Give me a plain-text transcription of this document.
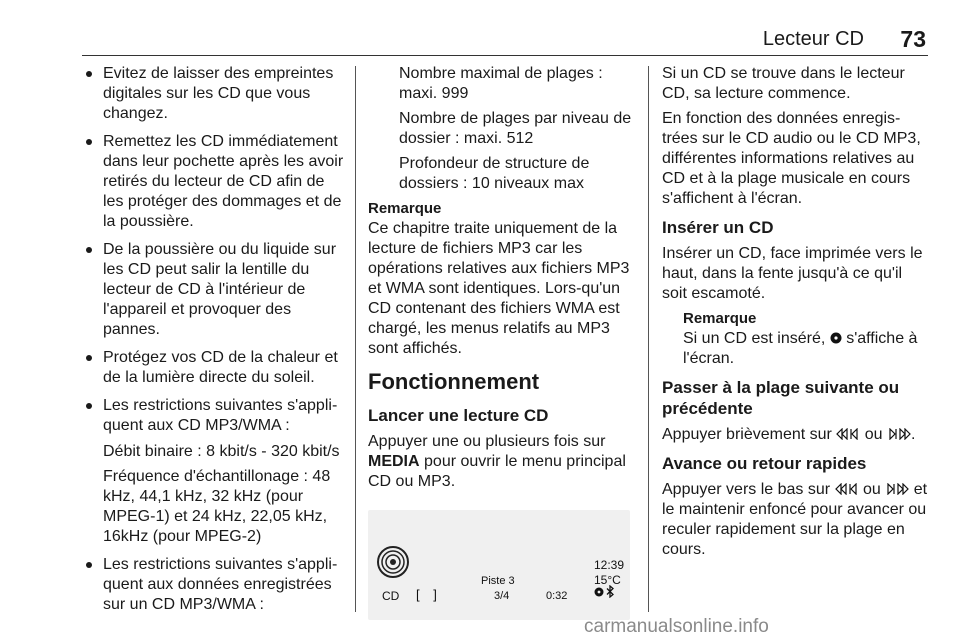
Lecteur CD 73
Evitez de laisser des empreintes digitales sur les CD que vous changez.
Remettez les CD immédiatement dans leur pochette après les avoir retirés du lecteur de CD afin de les protéger des dommages et de la poussière.
De la poussière ou du liquide sur les CD peut salir la lentille du lecteur de CD à l'intérieur de l'appareil et provoquer des pannes.
Protégez vos CD de la chaleur et de la lumière directe du soleil.
Les restrictions suivantes s'appli-quent aux CD MP3/WMA :

Débit binaire : 8 kbit/s - 320 kbit/s

Fréquence d'échantillonage : 48 kHz, 44,1 kHz, 32 kHz (pour MPEG-1) et 24 kHz, 22,05 kHz, 16kHz (pour MPEG-2)

Les restrictions suivantes s'appli-quent aux données enregistrées sur un CD MP3/WMA :

Nombre maximal de plages : maxi. 999

Nombre de plages par niveau de dossier : maxi. 512

Profondeur de structure de dossiers : 10 niveaux max

Remarque

Ce chapitre traite uniquement de la lecture de fichiers MP3 car les opérations relatives aux fichiers MP3 et WMA sont identiques. Lors-qu'un CD contenant des fichiers WMA est chargé, les menus relatifs au MP3 sont affichés.

Fonctionnement
Lancer une lecture CD

Appuyer une ou plusieurs fois sur
MEDIA pour ouvrir le menu principal CD ou MP3.

CD [ ]
Piste 3
3/4	0:32
12:39
15°C

Si un CD se trouve dans le lecteur CD, sa lecture commence.

En fonction des données enregis-trées sur le CD audio ou le CD MP3, différentes informations relatives au CD et à la plage musicale en cours s'affichent à l'écran.

Insérer un CD

Insérer un CD, face imprimée vers le haut, dans la fente jusqu'à ce qu'il soit escamoté.

Remarque

Si un CD est inséré, s'affiche à l'écran.

Passer à la plage suivante ou précédente

Appuyer brièvement sur ou .

Avance ou retour rapides

Appuyer vers le bas sur ou et le maintenir enfoncé pour avancer ou reculer rapidement sur la plage en cours.

carmanualsonline.info
